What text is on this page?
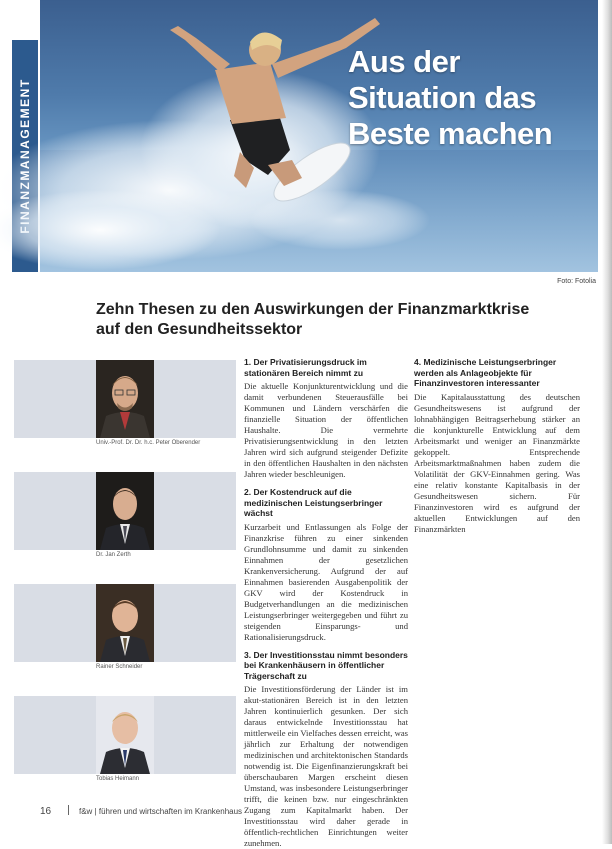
Aus der
Situation das
Beste machen
Foto: Fotolia
Zehn Thesen zu den Auswirkungen der Finanzmarktkrise
auf den Gesundheitssektor
Univ.-Prof. Dr. Dr. h.c. Peter Oberender
Dr. Jan Zerth
Rainer Schneider
Tobias Heimann
1. Der Privatisierungsdruck im stationären Bereich nimmt zu

Die aktuelle Konjunkturentwicklung und die damit verbundenen Steuerausfälle bei Kommunen und Ländern verschärfen die finanzielle Situation der öffentlichen Haushalte. Die vermehrte Privatisierungsentwicklung in den letzten Jahren wird sich aufgrund steigender Defizite in den öffentlichen Haushalten in den nächsten Jahren wieder beschleunigen.

2. Der Kostendruck auf die medizinischen Leistungserbringer wächst

Kurzarbeit und Entlassungen als Folge der Finanzkrise führen zu einer sinkenden Grundlohnsumme und damit zu sinkenden Einnahmen der gesetzlichen Krankenversicherung. Aufgrund der auf Einnahmen basierenden Ausgabenpolitik der GKV wird der Kostendruck in Budgetverhandlungen an die medizinischen Leistungserbringer weitergegeben und führt zu steigenden Einsparungs- und Rationalisierungsdruck.

3. Der Investitionsstau nimmt besonders bei Krankenhäusern in öffentlicher Trägerschaft zu

Die Investitionsförderung der Länder ist im akut-stationären Bereich ist in den letzten Jahren kontinuierlich gesunken. Der sich daraus entwickelnde Investitionsstau hat mittlerweile ein Vielfaches dessen erreicht, was jährlich zur Erhaltung der notwendigen medizinischen und architektonischen Standards notwendig ist. Die Eigenfinanzierungskraft bei überschaubaren Margen erscheint diesen Umstand, was insbesondere Leistungserbringer trifft, die keinen bzw. nur eingeschränkten Zugang zum Kapitalmarkt haben. Der Investitionsstau wird daher gerade in öffentlich-rechtlichen Einrichtungen weiter zunehmen.

4. Medizinische Leistungserbringer werden als Anlageobjekte für Finanzinvestoren interessanter

Die Kapitalausstattung des deutschen Gesundheitswesens ist aufgrund der lohnabhängigen Beitragserhebung stärker an die konjunkturelle Entwicklung auf dem Arbeitsmarkt und weniger an Finanzmärkte gekoppelt. Entsprechende Arbeitsmarktmaßnahmen haben zudem die Volatilität der GKV-Einnahmen gering. Was eine relativ konstante Kapitalbasis in der Gesundheitswesen sichern. Für Finanzinvestoren wird es aufgrund der aktuellen Entwicklungen auf den Finanzmärkten

16	f&w | führen und wirtschaften im Krankenhaus
